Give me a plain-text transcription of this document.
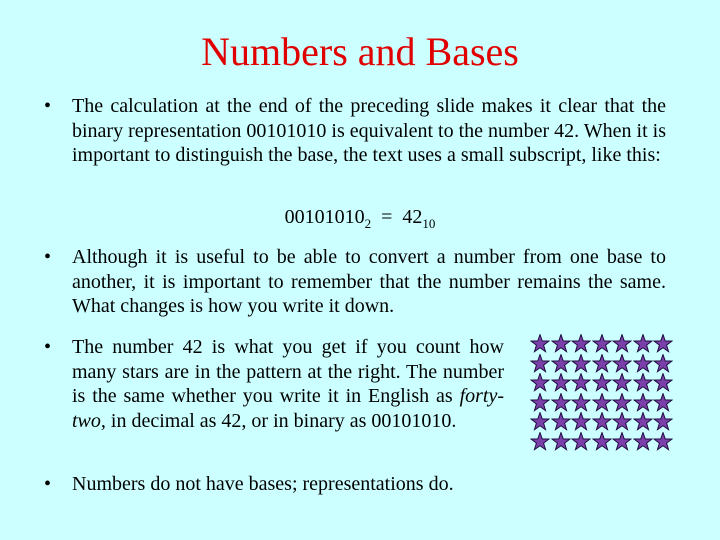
Numbers and Bases
•	The calculation at the end of the preceding slide makes it clear that the binary representation 00101010 is equivalent to the number 42. When it is important to distinguish the base, the text uses a small subscript, like this:
$00101010_2 = 42_{10}$
•	Although it is useful to be able to convert a number from one base to another, it is important to remember that the number remains the same. What changes is how you write it down.
•	The number 42 is what you get if you count how many stars are in the pattern at the right. The number is the same whether you write it in English as forty-two, in decimal as 42, or in binary as 00101010.
•	Numbers do not have bases; representations do.
